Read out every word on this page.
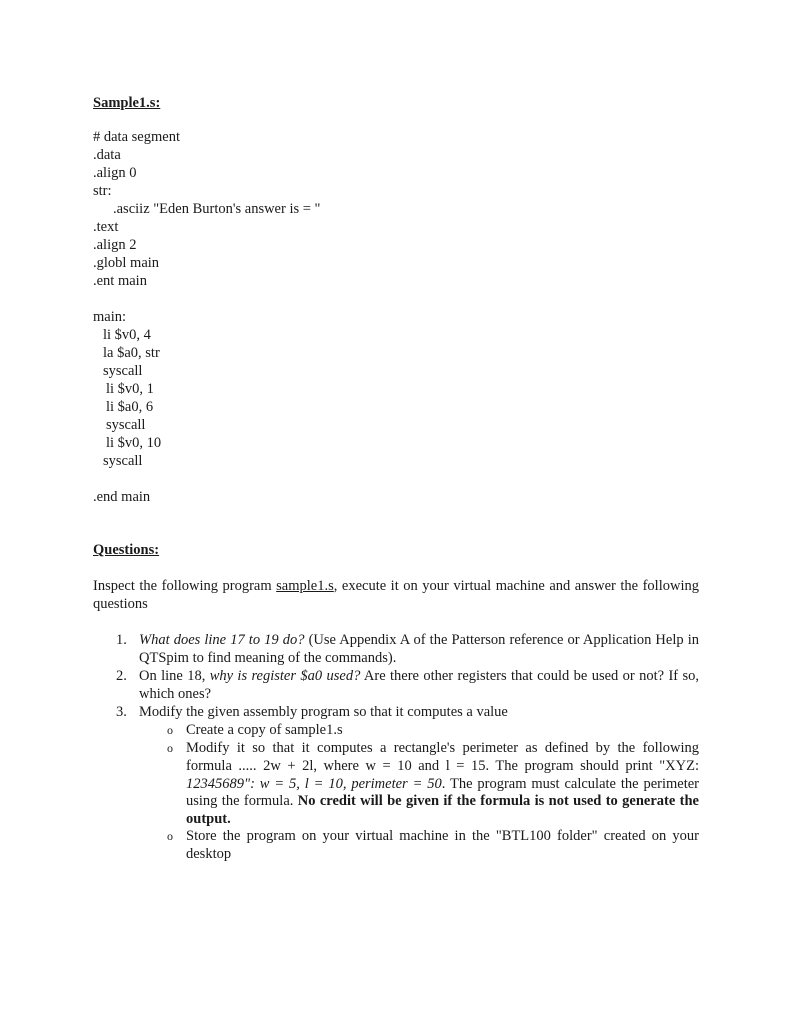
Sample1.s:
# data segment
.data
.align 0
str:
.asciiz "Eden Burton's answer is = "
.text
.align 2
.globl main
.ent main
main:
li $v0, 4
la $a0, str
syscall
li $v0, 1
li $a0, 6
syscall
li $v0, 10
syscall
.end main
Questions:
Inspect the following program sample1.s, execute it on your virtual machine and answer the following questions
1. What does line 17 to 19 do? (Use Appendix A of the Patterson reference or Application Help in QTSpim to find meaning of the commands).
2. On line 18, why is register $a0 used? Are there other registers that could be used or not? If so, which ones?
3. Modify the given assembly program so that it computes a value
o Create a copy of sample1.s
o Modify it so that it computes a rectangle's perimeter as defined by the following formula ..... 2w + 2l, where w = 10 and l = 15. The program should print "XYZ: 12345689": w = 5, l = 10, perimeter = 50. The program must calculate the perimeter using the formula. No credit will be given if the formula is not used to generate the output.
o Store the program on your virtual machine in the "BTL100 folder" created on your desktop
